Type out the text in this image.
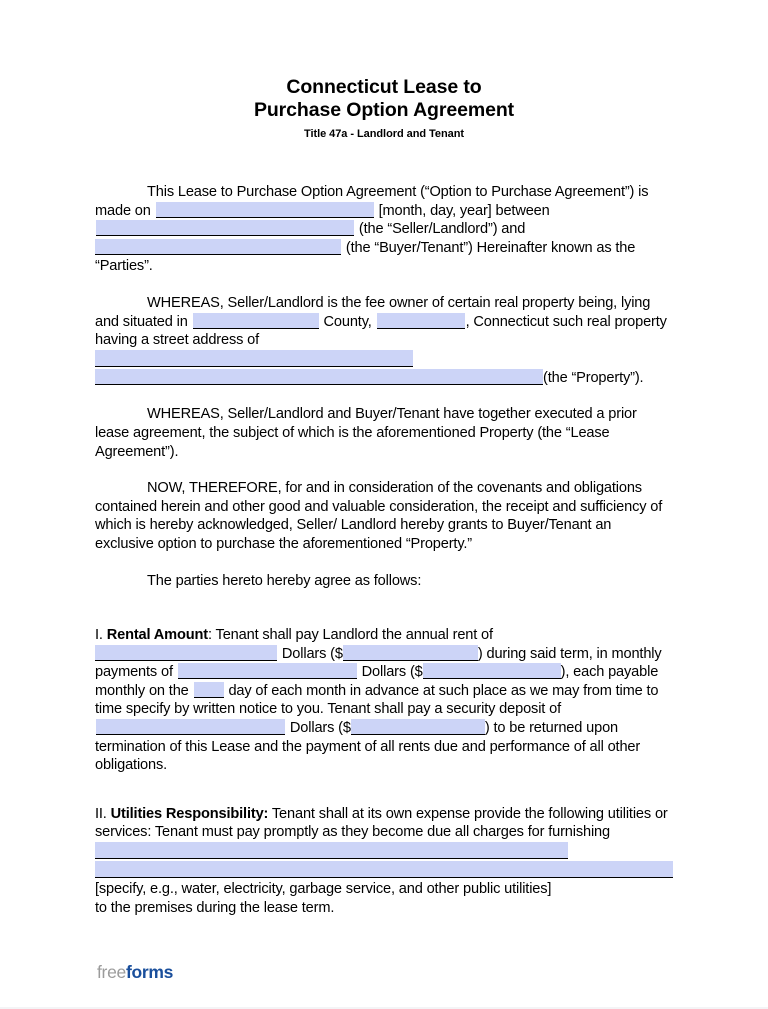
Connecticut Lease to
Purchase Option Agreement
Title 47a - Landlord and Tenant

This Lease to Purchase Option Agreement (“Option to Purchase Agreement”) is made on	[month, day, year] between  (the “Seller/Landlord”) and  (the “Buyer/Tenant”) Hereinafter known as the “Parties”.

WHEREAS, Seller/Landlord is the fee owner of certain real property being, lying and situated in	County,	, Connecticut such real property having a street address of

(the “Property”).

WHEREAS, Seller/Landlord and Buyer/Tenant have together executed a prior lease agreement, the subject of which is the aforementioned Property (the “Lease Agreement”).

NOW, THEREFORE, for and in consideration of the covenants and obligations contained herein and other good and valuable consideration, the receipt and sufficiency of which is hereby acknowledged, Seller/ Landlord hereby grants to Buyer/Tenant an exclusive option to purchase the aforementioned “Property.”

The parties hereto hereby agree as follows:

I. Rental Amount: Tenant shall pay Landlord the annual rent of  Dollars ($	) during said term, in monthly payments of	Dollars ($	), each payable monthly on the	day of each month in advance at such place as we may from time to time specify by written notice to you. Tenant shall pay a security deposit of  Dollars ($	) to be returned upon termination of this Lease and the payment of all rents due and performance of all other obligations.

II. Utilities Responsibility: Tenant shall at its own expense provide the following utilities or services: Tenant must pay promptly as they become due all charges for furnishing

[specify, e.g., water, electricity, garbage service, and other public utilities]

to the premises during the lease term.

freeforms
